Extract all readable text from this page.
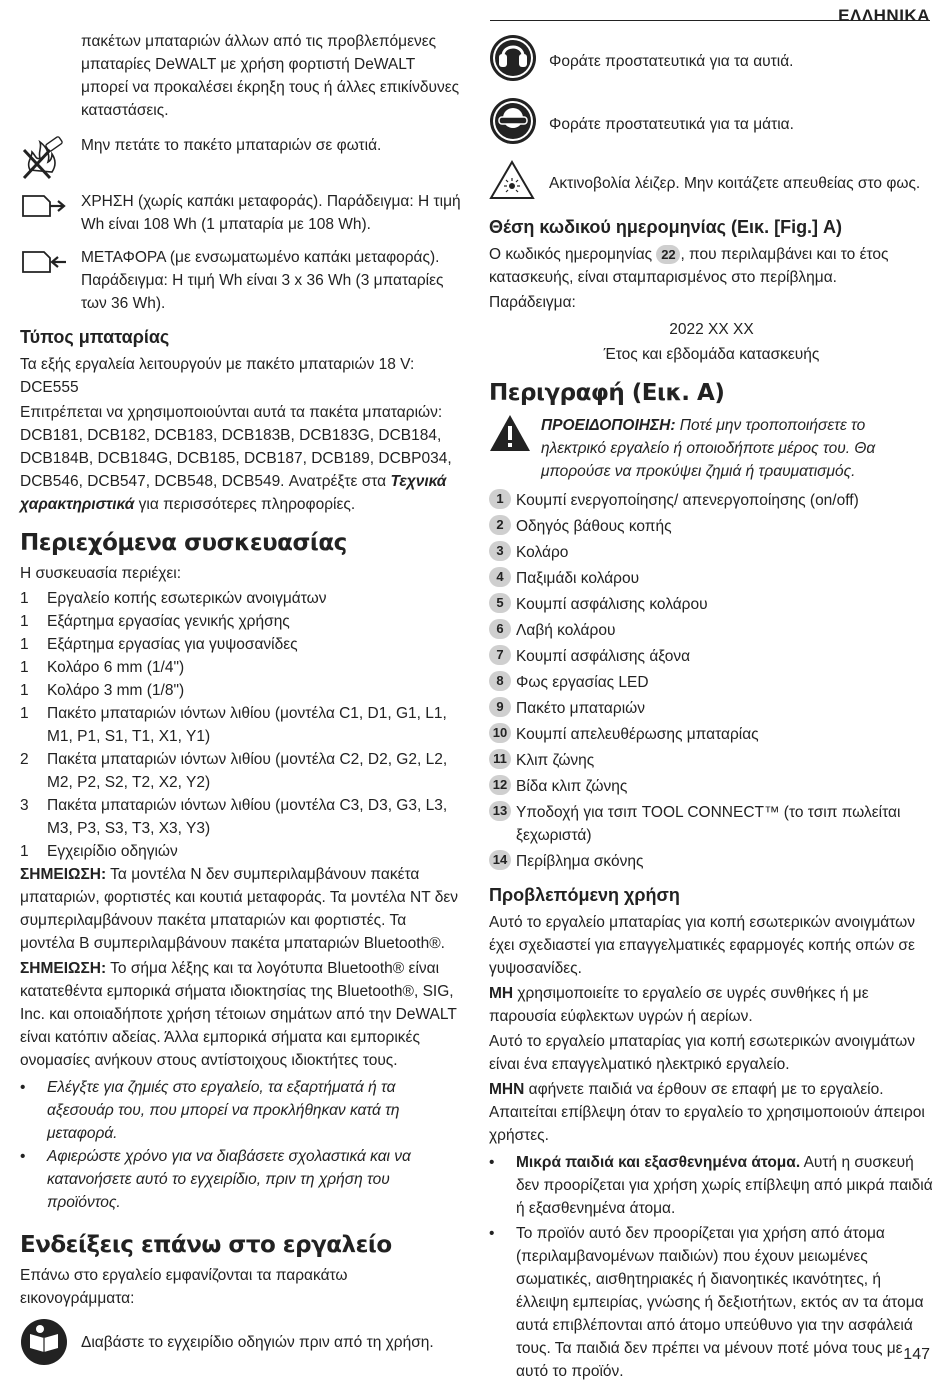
ΕΛΛΗΝΙΚΑ

πακέτων μπαταριών άλλων από τις προβλεπόμενες μπαταρίες DeWALT με χρήση φορτιστή DeWALT μπορεί να προκαλέσει έκρηξη τους ή άλλες επικίνδυνες καταστάσεις.

Μην πετάτε το πακέτο μπαταριών σε φωτιά.
ΧΡΗΣΗ (χωρίς καπάκι μεταφοράς). Παράδειγμα: Η τιμή Wh είναι 108 Wh (1 μπαταρία με 108 Wh).
ΜΕΤΑΦΟΡΑ (με ενσωματωμένο καπάκι μεταφοράς). Παράδειγμα: Η τιμή Wh είναι 3 x 36 Wh (3 μπαταρίες των 36 Wh).
Τύπος μπαταρίας

Τα εξής εργαλεία λειτουργούν με πακέτο μπαταριών 18 V: DCE555

Επιτρέπεται να χρησιμοποιούνται αυτά τα πακέτα μπαταριών: DCB181, DCB182, DCB183, DCB183B, DCB183G, DCB184, DCB184B, DCB184G, DCB185, DCB187, DCB189, DCBP034, DCB546, DCB547, DCB548, DCB549. Ανατρέξτε στα Τεχνικά χαρακτηριστικά για περισσότερες πληροφορίες.

Περιεχόμενα συσκευασίας

Η συσκευασία περιέχει:

1	Εργαλείο κοπής εσωτερικών ανοιγμάτων
1	Εξάρτημα εργασίας γενικής χρήσης
1	Εξάρτημα εργασίας για γυψοσανίδες
1	Κολάρο 6 mm (1/4")
1	Κολάρο 3 mm (1/8")
1	Πακέτο μπαταριών ιόντων λιθίου (μοντέλα C1, D1, G1, L1, M1, P1, S1, T1, X1, Y1)
2	Πακέτα μπαταριών ιόντων λιθίου (μοντέλα C2, D2, G2, L2, M2, P2, S2, T2, X2, Y2)
3	Πακέτα μπαταριών ιόντων λιθίου (μοντέλα C3, D3, G3, L3, M3, P3, S3, T3, X3, Y3)
1	Εγχειρίδιο οδηγιών

ΣΗΜΕΙΩΣΗ: Τα μοντέλα N δεν συμπεριλαμβάνουν πακέτα μπαταριών, φορτιστές και κουτιά μεταφοράς. Τα μοντέλα NT δεν συμπεριλαμβάνουν πακέτα μπαταριών και φορτιστές. Τα μοντέλα B συμπεριλαμβάνουν πακέτα μπαταριών Bluetooth®.

ΣΗΜΕΙΩΣΗ: Το σήμα λέξης και τα λογότυπα Bluetooth® είναι κατατεθέντα εμπορικά σήματα ιδιοκτησίας της Bluetooth®, SIG, Inc. και οποιαδήποτε χρήση τέτοιων σημάτων από την DeWALT είναι κατόπιν αδείας. Άλλα εμπορικά σήματα και εμπορικές ονομασίες ανήκουν στους αντίστοιχους ιδιοκτήτες τους.

•	Ελέγξτε για ζημιές στο εργαλείο, τα εξαρτήματά ή τα αξεσουάρ του, που μπορεί να προκλήθηκαν κατά τη μεταφορά.
•	Αφιερώστε χρόνο για να διαβάσετε σχολαστικά και να κατανοήσετε αυτό το εγχειρίδιο, πριν τη χρήση του προϊόντος.
Ενδείξεις επάνω στο εργαλείο

Επάνω στο εργαλείο εμφανίζονται τα παρακάτω εικονογράμματα:

Διαβάστε το εγχειρίδιο οδηγιών πριν από τη χρήση.
Φοράτε προστατευτικά για τα αυτιά.
Φοράτε προστατευτικά για τα μάτια.
Ακτινοβολία λέιζερ. Μην κοιτάζετε απευθείας στο φως.
Θέση κωδικού ημερομηνίας (Εικ. [Fig.] A)

Ο κωδικός ημερομηνίας 22 , που περιλαμβάνει και το έτος κατασκευής, είναι σταμπαρισμένος στο περίβλημα.

Παράδειγμα:

2022 XX XX

Έτος και εβδομάδα κατασκευής

Περιγραφή (Εικ. A)
ΠΡΟΕΙΔΟΠΟΙΗΣΗ: Ποτέ μην τροποποιήσετε το ηλεκτρικό εργαλείο ή οποιοδήποτε μέρος του. Θα μπορούσε να προκύψει ζημιά ή τραυματισμός.
1 Κουμπί ενεργοποίησης/ απενεργοποίησης (on/off)
2 Οδηγός βάθους κοπής
3 Κολάρο
4 Παξιμάδι κολάρου
5 Κουμπί ασφάλισης κολάρου
6 Λαβή κολάρου
7 Κουμπί ασφάλισης άξονα
8 Φως εργασίας LED
9 Πακέτο μπαταριών
10 Κουμπί απελευθέρωσης μπαταρίας
11 Κλιπ ζώνης
12 Βίδα κλιπ ζώνης
13 Υποδοχή για τσιπ TOOL CONNECT™ (το τσιπ πωλείται ξεχωριστά)
14 Περίβλημα σκόνης
Προβλεπόμενη χρήση

Αυτό το εργαλείο μπαταρίας για κοπή εσωτερικών ανοιγμάτων έχει σχεδιαστεί για επαγγελματικές εφαρμογές κοπής οπών σε γυψοσανίδες.

ΜΗ χρησιμοποιείτε το εργαλείο σε υγρές συνθήκες ή με παρουσία εύφλεκτων υγρών ή αερίων.

Αυτό το εργαλείο μπαταρίας για κοπή εσωτερικών ανοιγμάτων είναι ένα επαγγελματικό ηλεκτρικό εργαλείο.

ΜΗΝ αφήνετε παιδιά να έρθουν σε επαφή με το εργαλείο. Απαιτείται επίβλεψη όταν το εργαλείο το χρησιμοποιούν άπειροι χρήστες.

•	Μικρά παιδιά και εξασθενημένα άτομα. Αυτή η συσκευή δεν προορίζεται για χρήση χωρίς επίβλεψη από μικρά παιδιά ή εξασθενημένα άτομα.
•	Το προϊόν αυτό δεν προορίζεται για χρήση από άτομα (περιλαμβανομένων παιδιών) που έχουν μειωμένες σωματικές, αισθητηριακές ή διανοητικές ικανότητες, ή έλλειψη εμπειρίας, γνώσης ή δεξιοτήτων, εκτός αν τα άτομα αυτά επιβλέπονται από άτομο υπεύθυνο για την ασφάλειά τους. Τα παιδιά δεν πρέπει να μένουν ποτέ μόνα τους με αυτό το προϊόν.
147
